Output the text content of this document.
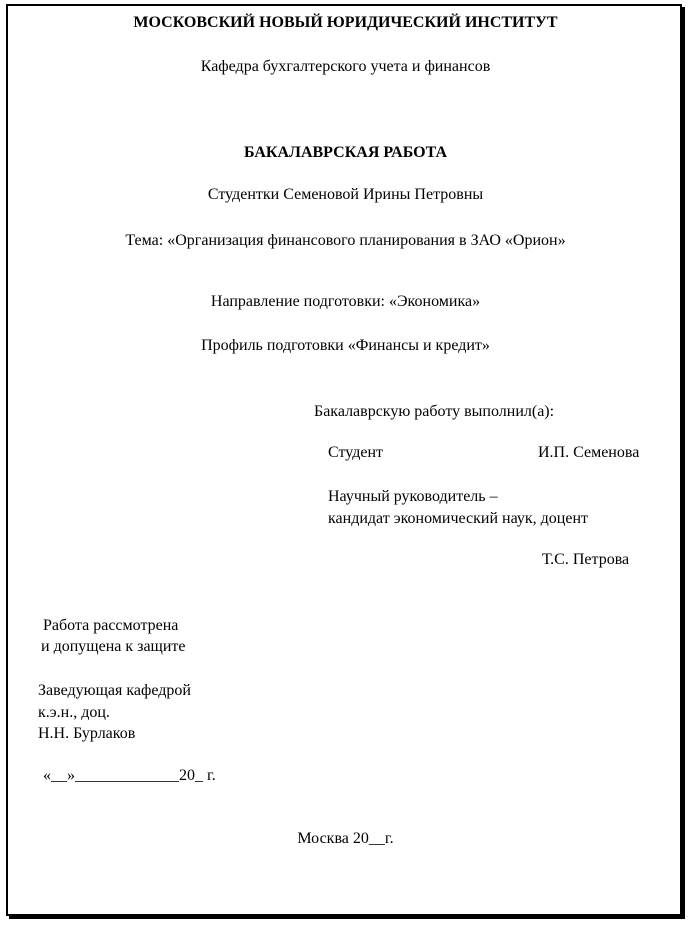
МОСКОВСКИЙ НОВЫЙ ЮРИДИЧЕСКИЙ ИНСТИТУТ
Кафедра бухгалтерского учета и финансов
БАКАЛАВРСКАЯ РАБОТА
Студентки Семеновой Ирины Петровны
Тема: «Организация финансового планирования в ЗАО «Орион»
Направление подготовки: «Экономика»
Профиль подготовки «Финансы и кредит»
Бакалаврскую работу выполнил(а):
Студент	И.П. Семенова
Научный руководитель –
кандидат экономический наук, доцент
Т.С. Петрова
Работа рассмотрена
и допущена к защите
Заведующая кафедрой
к.э.н., доц.
Н.Н. Бурлаков
«__»_____________20_ г.
Москва 20__г.
